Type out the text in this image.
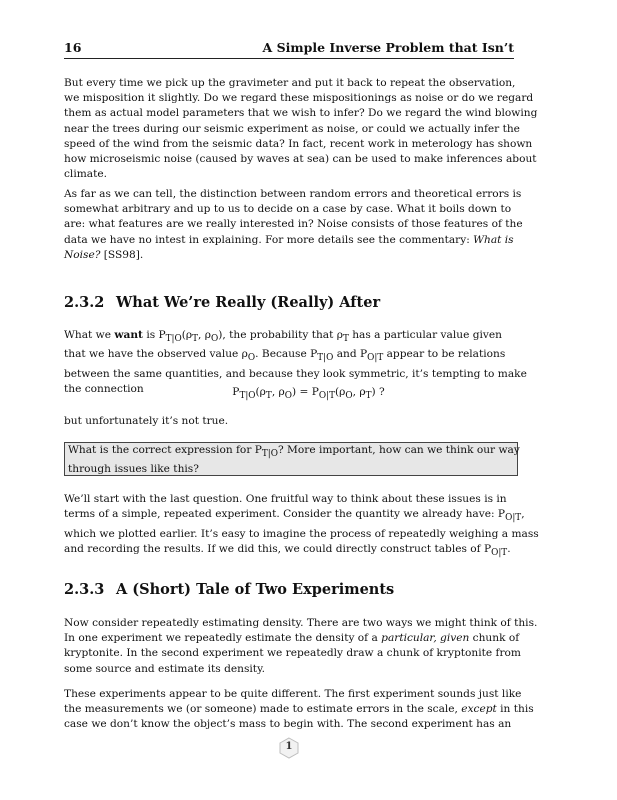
16	A Simple Inverse Problem that Isn’t
But every time we pick up the gravimeter and put it back to repeat the observation,
we misposition it slightly. Do we regard these mispositionings as noise or do we regard
them as actual model parameters that we wish to infer? Do we regard the wind blowing
near the trees during our seismic experiment as noise, or could we actually infer the
speed of the wind from the seismic data? In fact, recent work in meterology has shown
how microseismic noise (caused by waves at sea) can be used to make inferences about
climate.
As far as we can tell, the distinction between random errors and theoretical errors is
somewhat arbitrary and up to us to decide on a case by case. What it boils down to
are: what features are we really interested in? Noise consists of those features of the
data we have no intest in explaining. For more details see the commentary: What is
Noise? [SS98].
2.3.2 What We’re Really (Really) After
What we want is $P_{T|O}(\rho_T$, $\rho_O$), the probability that $\rho_T$ has a particular value given
that we have the observed value $\rho_O$. Because $P_{T|O}$ and $P_{O|T}$ appear to be relations
between the same quantities, and because they look symmetric, it’s tempting to make
the connection	$P_{T|O}(\rho_T$, $\rho_O) = P_{O|T}(\rho_O$, $\rho_T$) ?
but unfortunately it’s not true.
What is the correct expression for $P_{T|O}$? More important, how can we think our way
through issues like this?
We’ll start with the last question. One fruitful way to think about these issues is in
terms of a simple, repeated experiment. Consider the quantity we already have: $P_{O|T}$,
which we plotted earlier. It’s easy to imagine the process of repeatedly weighing a mass
and recording the results. If we did this, we could directly construct tables of $P_{O|T}$.
2.3.3 A (Short) Tale of Two Experiments
Now consider repeatedly estimating density. There are two ways we might think of this.
In one experiment we repeatedly estimate the density of a particular, given chunk of
kryptonite. In the second experiment we repeatedly draw a chunk of kryptonite from
some source and estimate its density.
These experiments appear to be quite different. The first experiment sounds just like
the measurements we (or someone) made to estimate errors in the scale, except in this
case we don’t know the object’s mass to begin with. The second experiment has an
1
